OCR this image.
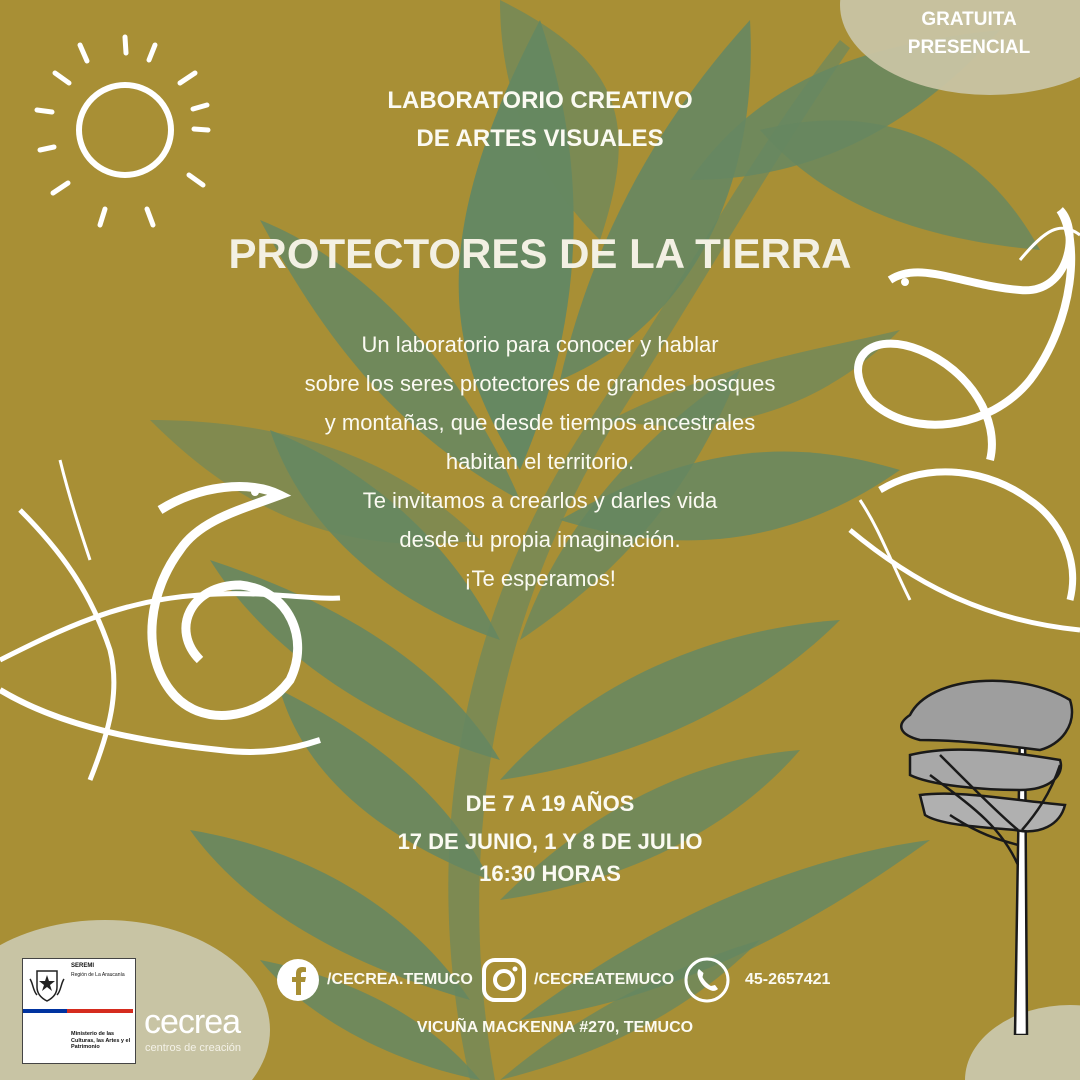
GRATUITA
PRESENCIAL
LABORATORIO CREATIVO
DE ARTES VISUALES
PROTECTORES DE LA TIERRA
Un laboratorio para conocer y hablar
sobre los seres protectores de grandes bosques
y montañas, que desde tiempos ancestrales
habitan el territorio.
Te invitamos a crearlos y darles vida
desde tu propia imaginación.
¡Te esperamos!
DE 7 A 19 AÑOS
17 DE JUNIO, 1 Y 8 DE JULIO
16:30 HORAS
/CECREA.TEMUCO	/CECREATEMUCO	45-2657421
VICUÑA MACKENNA #270, TEMUCO
SEREMI
Región de La Araucanía
Ministerio de las Culturas, las Artes y el Patrimonio
cecrea
centros de creación
